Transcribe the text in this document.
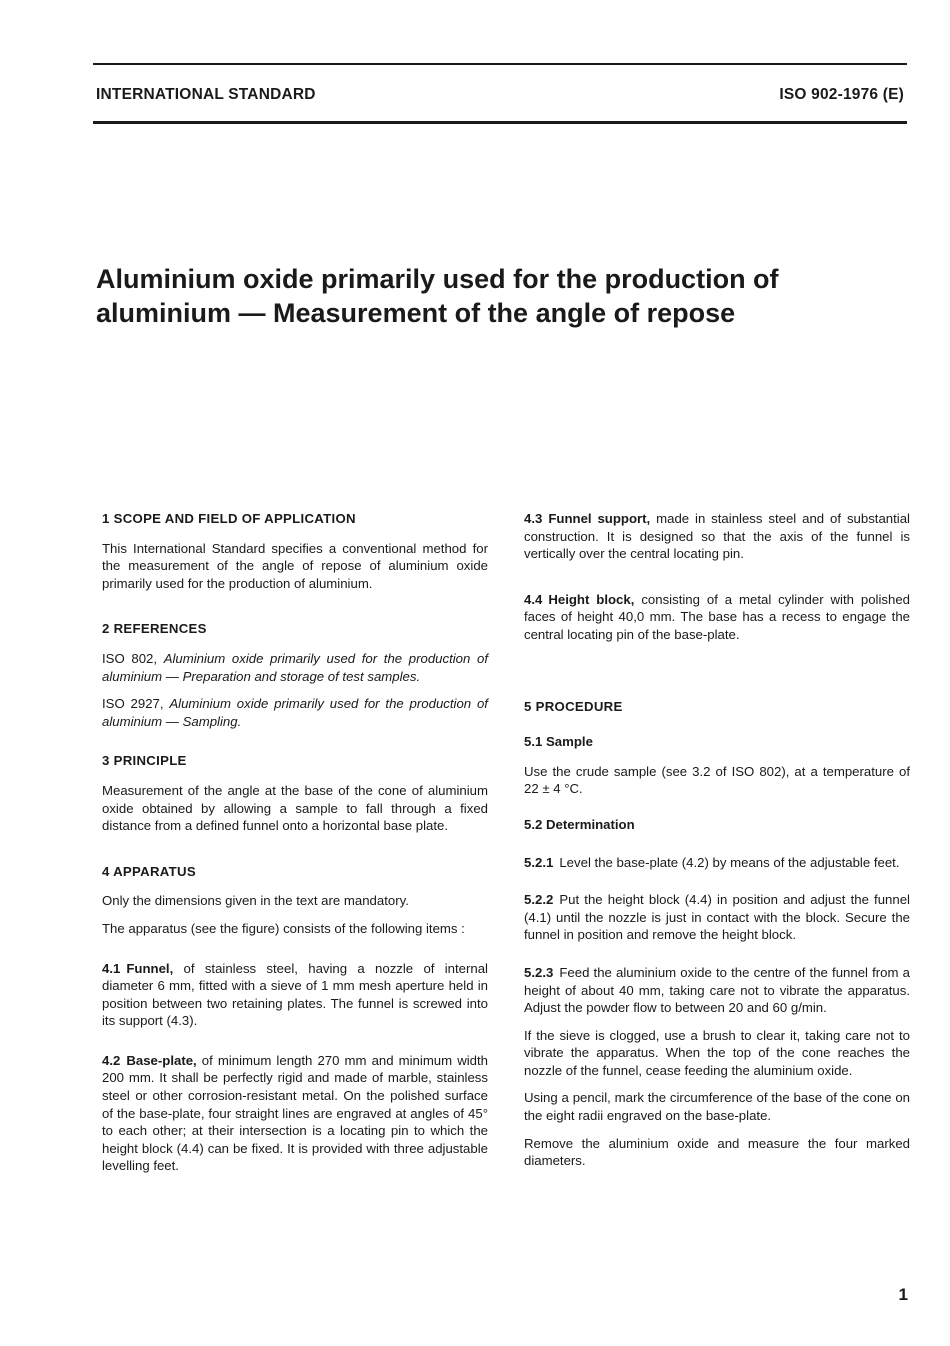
INTERNATIONAL STANDARD	ISO 902-1976 (E)
Aluminium oxide primarily used for the production of
aluminium — Measurement of the angle of repose
1 SCOPE AND FIELD OF APPLICATION

This International Standard specifies a conventional method for the measurement of the angle of repose of aluminium oxide primarily used for the production of aluminium.

2 REFERENCES

ISO 802, Aluminium oxide primarily used for the production of aluminium — Preparation and storage of test samples.

ISO 2927, Aluminium oxide primarily used for the production of aluminium — Sampling.

3 PRINCIPLE

Measurement of the angle at the base of the cone of aluminium oxide obtained by allowing a sample to fall through a fixed distance from a defined funnel onto a horizontal base plate.

4 APPARATUS

Only the dimensions given in the text are mandatory.

The apparatus (see the figure) consists of the following items :

4.1 Funnel, of stainless steel, having a nozzle of internal diameter 6 mm, fitted with a sieve of 1 mm mesh aperture held in position between two retaining plates. The funnel is screwed into its support (4.3).

4.2 Base-plate, of minimum length 270 mm and minimum width 200 mm. It shall be perfectly rigid and made of marble, stainless steel or other corrosion-resistant metal. On the polished surface of the base-plate, four straight lines are engraved at angles of 45° to each other; at their intersection is a locating pin to which the height block (4.4) can be fixed. It is provided with three adjustable levelling feet.

4.3 Funnel support, made in stainless steel and of substantial construction. It is designed so that the axis of the funnel is vertically over the central locating pin.

4.4 Height block, consisting of a metal cylinder with polished faces of height 40,0 mm. The base has a recess to engage the central locating pin of the base-plate.

5 PROCEDURE
5.1 Sample

Use the crude sample (see 3.2 of ISO 802), at a temperature of 22 ± 4 °C.

5.2 Determination

5.2.1 Level the base-plate (4.2) by means of the adjustable feet.

5.2.2 Put the height block (4.4) in position and adjust the funnel (4.1) until the nozzle is just in contact with the block. Secure the funnel in position and remove the height block.

5.2.3 Feed the aluminium oxide to the centre of the funnel from a height of about 40 mm, taking care not to vibrate the apparatus. Adjust the powder flow to between 20 and 60 g/min.

If the sieve is clogged, use a brush to clear it, taking care not to vibrate the apparatus. When the top of the cone reaches the nozzle of the funnel, cease feeding the aluminium oxide.

Using a pencil, mark the circumference of the base of the cone on the eight radii engraved on the base-plate.

Remove the aluminium oxide and measure the four marked diameters.

1
